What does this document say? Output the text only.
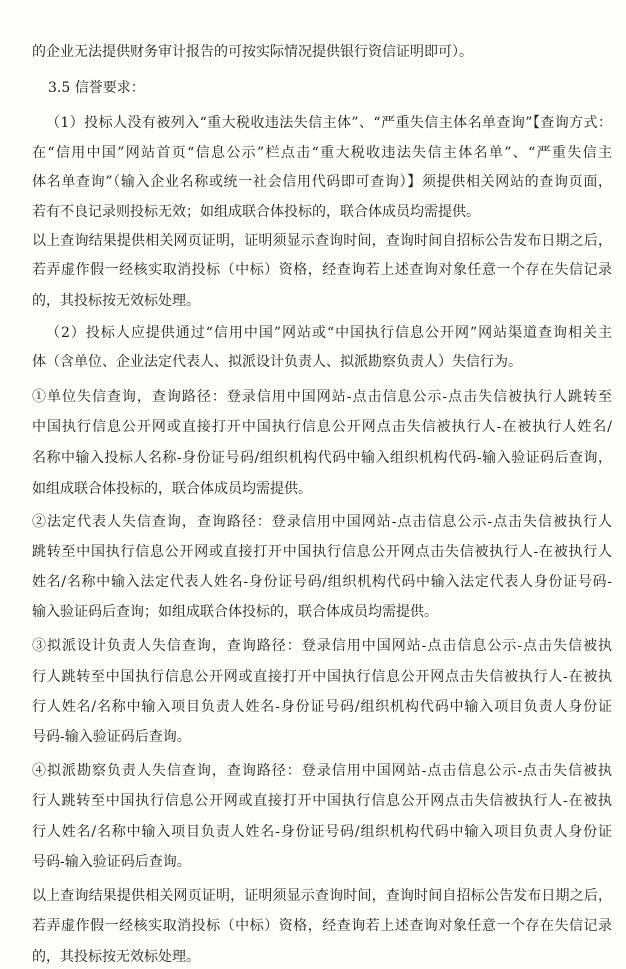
的企业无法提供财务审计报告的可按实际情况提供银行资信证明即可）。
3.5 信誉要求：
（1）投标人没有被列入“重大税收违法失信主体”、“严重失信主体名单查询”【查询方式：
在“信用中国”网站首页“信息公示”栏点击“重大税收违法失信主体名单”、“严重失信主
体名单查询”（输入企业名称或统一社会信用代码即可查询）】须提供相关网站的查询页面，
若有不良记录则投标无效；如组成联合体投标的，联合体成员均需提供。
以上查询结果提供相关网页证明，证明须显示查询时间，查询时间自招标公告发布日期之后，
若弄虚作假一经核实取消投标（中标）资格，经查询若上述查询对象任意一个存在失信记录
的，其投标按无效标处理。
（2）投标人应提供通过“信用中国”网站或“中国执行信息公开网”网站渠道查询相关主
体（含单位、企业法定代表人、拟派设计负责人、拟派勘察负责人）失信行为。
①单位失信查询，查询路径：登录信用中国网站-点击信息公示-点击失信被执行人跳转至
中国执行信息公开网或直接打开中国执行信息公开网点击失信被执行人-在被执行人姓名/
名称中输入投标人名称-身份证号码/组织机构代码中输入组织机构代码-输入验证码后查询，
如组成联合体投标的，联合体成员均需提供。
②法定代表人失信查询，查询路径：登录信用中国网站-点击信息公示-点击失信被执行人
跳转至中国执行信息公开网或直接打开中国执行信息公开网点击失信被执行人-在被执行人
姓名/名称中输入法定代表人姓名-身份证号码/组织机构代码中输入法定代表人身份证号码-
输入验证码后查询；如组成联合体投标的，联合体成员均需提供。
③拟派设计负责人失信查询，查询路径：登录信用中国网站-点击信息公示-点击失信被执
行人跳转至中国执行信息公开网或直接打开中国执行信息公开网点击失信被执行人-在被执
行人姓名/名称中输入项目负责人姓名-身份证号码/组织机构代码中输入项目负责人身份证
号码-输入验证码后查询。
④拟派勘察负责人失信查询，查询路径：登录信用中国网站-点击信息公示-点击失信被执
行人跳转至中国执行信息公开网或直接打开中国执行信息公开网点击失信被执行人-在被执
行人姓名/名称中输入项目负责人姓名-身份证号码/组织机构代码中输入项目负责人身份证
号码-输入验证码后查询。
以上查询结果提供相关网页证明，证明须显示查询时间，查询时间自招标公告发布日期之后，
若弄虚作假一经核实取消投标（中标）资格，经查询若上述查询对象任意一个存在失信记录
的，其投标按无效标处理。
